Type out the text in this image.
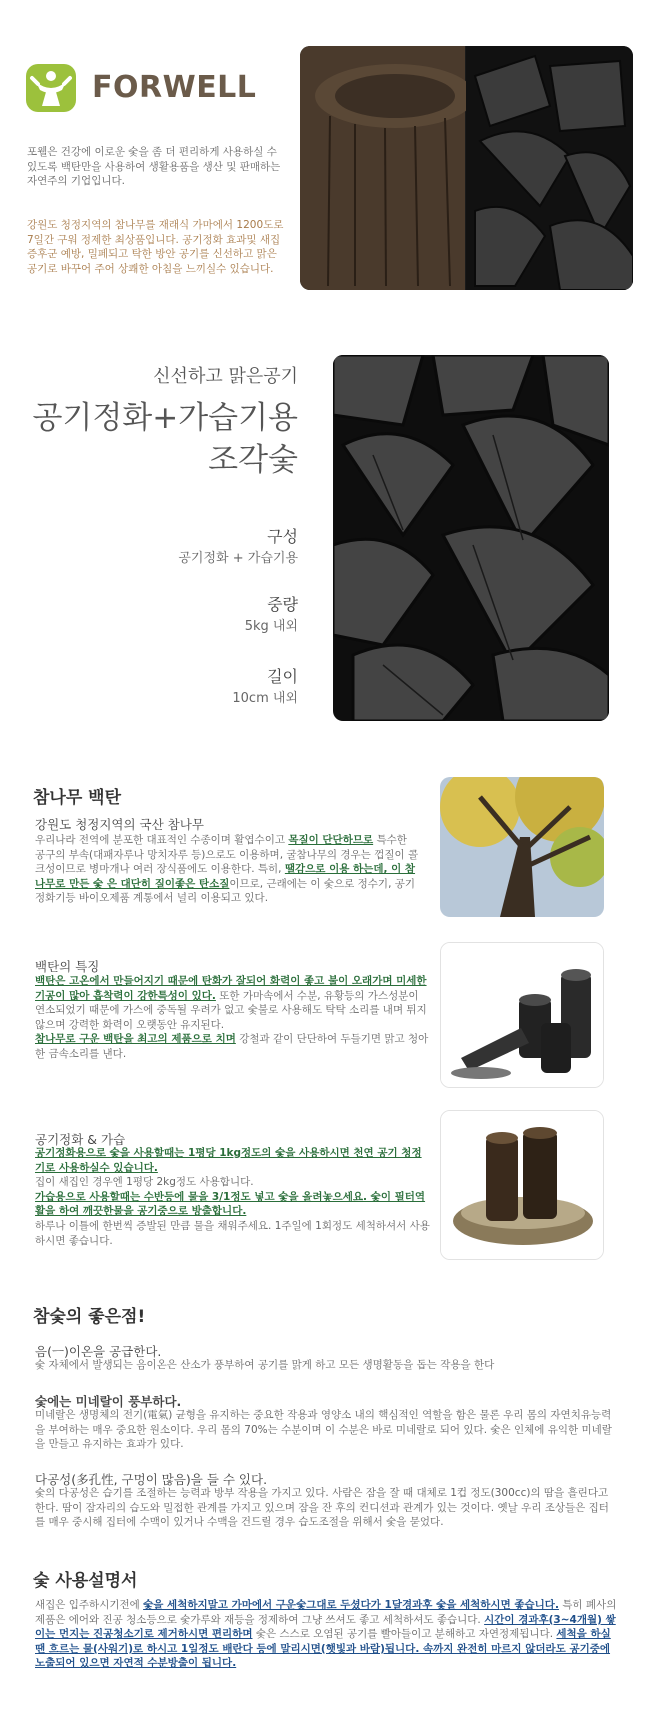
FORWELL
포웰은 건강에 이로운 숯을 좀 더 편리하게 사용하실 수 있도록 백탄만을 사용하여 생활용품을 생산 및 판매하는 자연주의 기업입니다.
강원도 청정지역의 참나무를 재래식 가마에서 1200도로 7일간 구워 정제한 최상품입니다. 공기정화 효과및 새집증후군 예방, 밀페되고 탁한 방안 공기를 신선하고 맑은 공기로 바꾸어 주어 상쾌한 아침을 느끼실수 있습니다.
신선하고 맑은공기
공기정화+가습기용
조각숯
구성
공기정화 + 가습기용
중량
5kg 내외
길이
10cm 내외
참나무 백탄
강원도 청정지역의 국산 참나무
우리나라 전역에 분포한 대표적인 수종이며 활엽수이고 목질이 단단하므로 특수한 공구의 부속(대패자루나 망치자루 등)으로도 이용하며, 굴참나무의 경우는 껍질이 콜크성이므로 병마개나 여러 장식품에도 이용한다. 특히, 땔감으로 이용 하는데, 이 참나무로 만든 숯 은 대단히 질이좋은 탄소질이므로, 근래에는 이 숯으로 정수기, 공기정화기등 바이오제품 계통에서 널리 이용되고 있다.
백탄의 특징
백탄은 고온에서 만들어지기 때문에 탄화가 잘되어 화력이 좋고 불이 오래가며 미세한 기공이 많아 흡착력이 강한특성이 있다. 또한 가마속에서 수분, 유황등의 가스성분이 연소되었기 때문에 가스에 중독될 우려가 없고 숯불로 사용해도 탁탁 소리를 내며 튀지 않으며 강력한 화력이 오랫동안 유지된다.
참나무로 구운 백탄을 최고의 제품으로 치며 강철과 같이 단단하여 두들기면 맑고 청아한 금속소리를 낸다.
공기정화 & 가습
공기정화용으로 숯을 사용할때는 1평당 1kg정도의 숯을 사용하시면 천연 공기 청정기로 사용하실수 있습니다.
집이 새집인 경우엔 1평당 2kg정도 사용합니다.
가습용으로 사용할때는 수반등에 물을 3/1정도 넣고 숯을 올려놓으세요. 숯이 필터역활을 하여 깨끗한물을 공기중으로 방출합니다.
하루나 이틀에 한번씩 증발된 만큼 물을 채워주세요. 1주일에 1회정도 세척하셔서 사용하시면 좋습니다.
참숯의 좋은점!
음(ㅡ)이온을 공급한다.
숯 자체에서 발생되는 음이온은 산소가 풍부하여 공기를 맑게 하고 모든 생명활동을 돕는 작용을 한다
숯에는 미네랄이 풍부하다.
미네랄은 생명체의 전기(電氣) 균형을 유지하는 중요한 작용과 영양소 내의 핵심적인 역할을 함은 물론 우리 몸의 자연치유능력을 부여하는 매우 중요한 원소이다. 우리 몸의 70%는 수분이며 이 수분은 바로 미네랄로 되어 있다. 숯은 인체에 유익한 미네랄을 만들고 유지하는 효과가 있다.
다공성(多孔性, 구멍이 많음)을 들 수 있다.
숯의 다공성은 습기를 조절하는 능력과 방부 작용을 가지고 있다. 사람은 잠을 잘 때 대체로 1컵 정도(300cc)의 땀을 흘린다고 한다. 땀이 잠자리의 습도와 밀접한 관계를 가지고 있으며 잠을 잔 후의 컨디션과 관계가 있는 것이다. 옛날 우리 조상들은 집터를 매우 중시해 집터에 수맥이 있거나 수맥을 건드릴 경우 습도조절을 위해서 숯을 묻었다.
숯 사용설명서
새집은 입주하시기전에 숯을 세척하지말고 가마에서 구운숯그대로 두셨다가 1달경과후 숯을 세척하시면 좋습니다. 특히 폐사의 제품은 에어와 진공 청소등으로 숯가루와 재등을 정제하여 그냥 쓰셔도 좋고 세척하셔도 좋습니다. 시간이 경과후(3~4개월) 쌓이는 먼지는 진공청소기로 제거하시면 편리하며 숯은 스스로 오염된 공기를 빨아들이고 분해하고 자연정제됩니다. 세척을 하실땐 흐르는 물(사워기)로 하시고 1일정도 배란다 등에 말리시면(햇빛과 바람)됩니다. 속까지 완전히 마르지 않더라도 공기중에 노출되어 있으면 자연적 수분방출이 됩니다.
